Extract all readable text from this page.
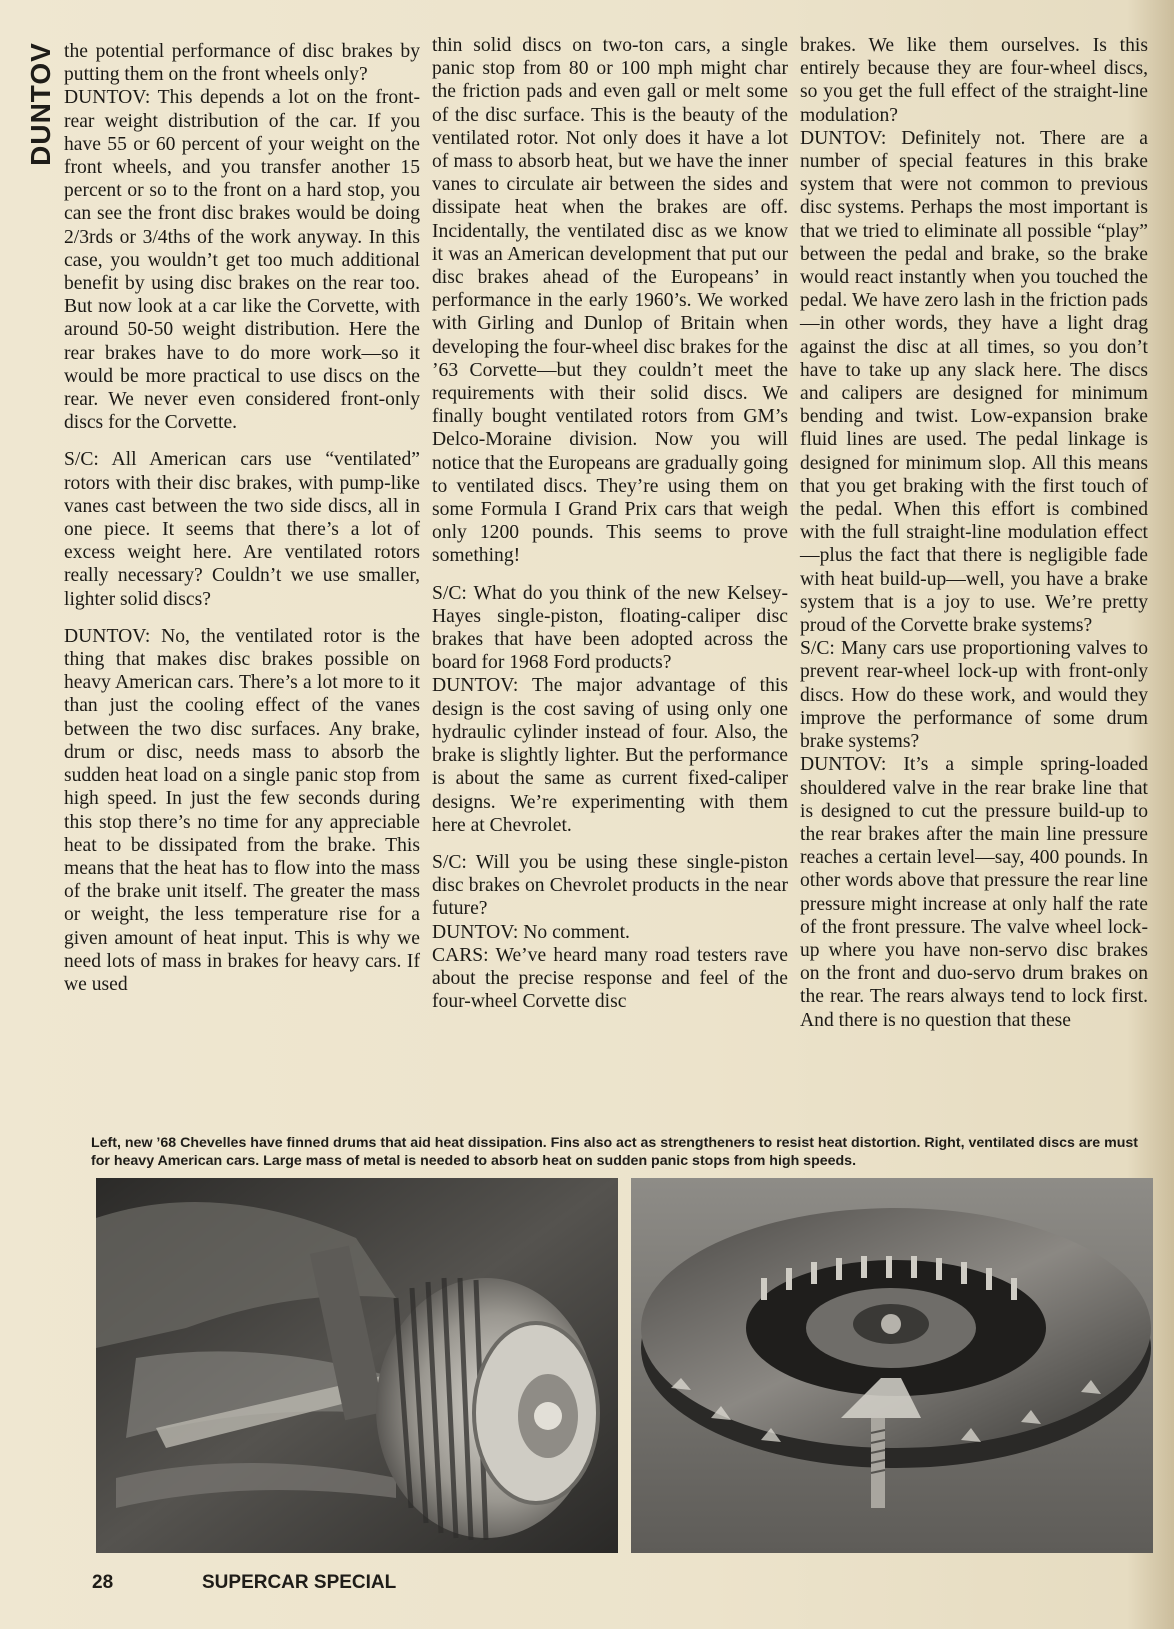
DUNTOV the potential performance of disc brakes by putting them on the front wheels only?

DUNTOV: This depends a lot on the front-rear weight distribution of the car. If you have 55 or 60 percent of your weight on the front wheels, and you transfer another 15 percent or so to the front on a hard stop, you can see the front disc brakes would be doing 2/3rds or 3/4ths of the work anyway. In this case, you wouldn’t get too much additional benefit by using disc brakes on the rear too. But now look at a car like the Corvette, with around 50-50 weight distribution. Here the rear brakes have to do more work—so it would be more practical to use discs on the rear. We never even considered front-only discs for the Corvette.

S/C: All American cars use “ventilated” rotors with their disc brakes, with pump-like vanes cast between the two side discs, all in one piece. It seems that there’s a lot of excess weight here. Are ventilated rotors really necessary? Couldn’t we use smaller, lighter solid discs?

DUNTOV: No, the ventilated rotor is the thing that makes disc brakes possible on heavy American cars. There’s a lot more to it than just the cooling effect of the vanes between the two disc surfaces. Any brake, drum or disc, needs mass to absorb the sudden heat load on a single panic stop from high speed. In just the few seconds during this stop there’s no time for any appreciable heat to be dissipated from the brake. This means that the heat has to flow into the mass of the brake unit itself. The greater the mass or weight, the less temperature rise for a given amount of heat input. This is why we need lots of mass in brakes for heavy cars. If we used

thin solid discs on two-ton cars, a single panic stop from 80 or 100 mph might char the friction pads and even gall or melt some of the disc surface. This is the beauty of the ventilated rotor. Not only does it have a lot of mass to absorb heat, but we have the inner vanes to circulate air between the sides and dissipate heat when the brakes are off. Incidentally, the ventilated disc as we know it was an American development that put our disc brakes ahead of the Europeans’ in performance in the early 1960’s. We worked with Girling and Dunlop of Britain when developing the four-wheel disc brakes for the ’63 Corvette—but they couldn’t meet the requirements with their solid discs. We finally bought ventilated rotors from GM’s Delco-Moraine division. Now you will notice that the Europeans are gradually going to ventilated discs. They’re using them on some Formula I Grand Prix cars that weigh only 1200 pounds. This seems to prove something!

S/C: What do you think of the new Kelsey-Hayes single-piston, floating-caliper disc brakes that have been adopted across the board for 1968 Ford products?

DUNTOV: The major advantage of this design is the cost saving of using only one hydraulic cylinder instead of four. Also, the brake is slightly lighter. But the performance is about the same as current fixed-caliper designs. We’re experimenting with them here at Chevrolet.

S/C: Will you be using these single-piston disc brakes on Chevrolet products in the near future?

DUNTOV: No comment.

CARS: We’ve heard many road testers rave about the precise response and feel of the four-wheel Corvette disc

brakes. We like them ourselves. Is this entirely because they are four-wheel discs, so you get the full effect of the straight-line modulation?

DUNTOV: Definitely not. There are a number of special features in this brake system that were not common to previous disc systems. Perhaps the most important is that we tried to eliminate all possible “play” between the pedal and brake, so the brake would react instantly when you touched the pedal. We have zero lash in the friction pads—in other words, they have a light drag against the disc at all times, so you don’t have to take up any slack here. The discs and calipers are designed for minimum bending and twist. Low-expansion brake fluid lines are used. The pedal linkage is designed for minimum slop. All this means that you get braking with the first touch of the pedal. When this effort is combined with the full straight-line modulation effect—plus the fact that there is negligible fade with heat build-up—well, you have a brake system that is a joy to use. We’re pretty proud of the Corvette brake systems?

S/C: Many cars use proportioning valves to prevent rear-wheel lock-up with front-only discs. How do these work, and would they improve the performance of some drum brake systems?

DUNTOV: It’s a simple spring-loaded shouldered valve in the rear brake line that is designed to cut the pressure build-up to the rear brakes after the main line pressure reaches a certain level—say, 400 pounds. In other words above that pressure the rear line pressure might increase at only half the rate of the front pressure. The valve wheel lock-up where you have non-servo disc brakes on the front and duo-servo drum brakes on the rear. The rears always tend to lock first. And there is no question that these

Left, new ’68 Chevelles have finned drums that aid heat dissipation. Fins also act as strengtheners to resist heat distortion. Right, ventilated discs are must for heavy American cars. Large mass of metal is needed to absorb heat on sudden panic stops from high speeds.
28	SUPERCAR SPECIAL
